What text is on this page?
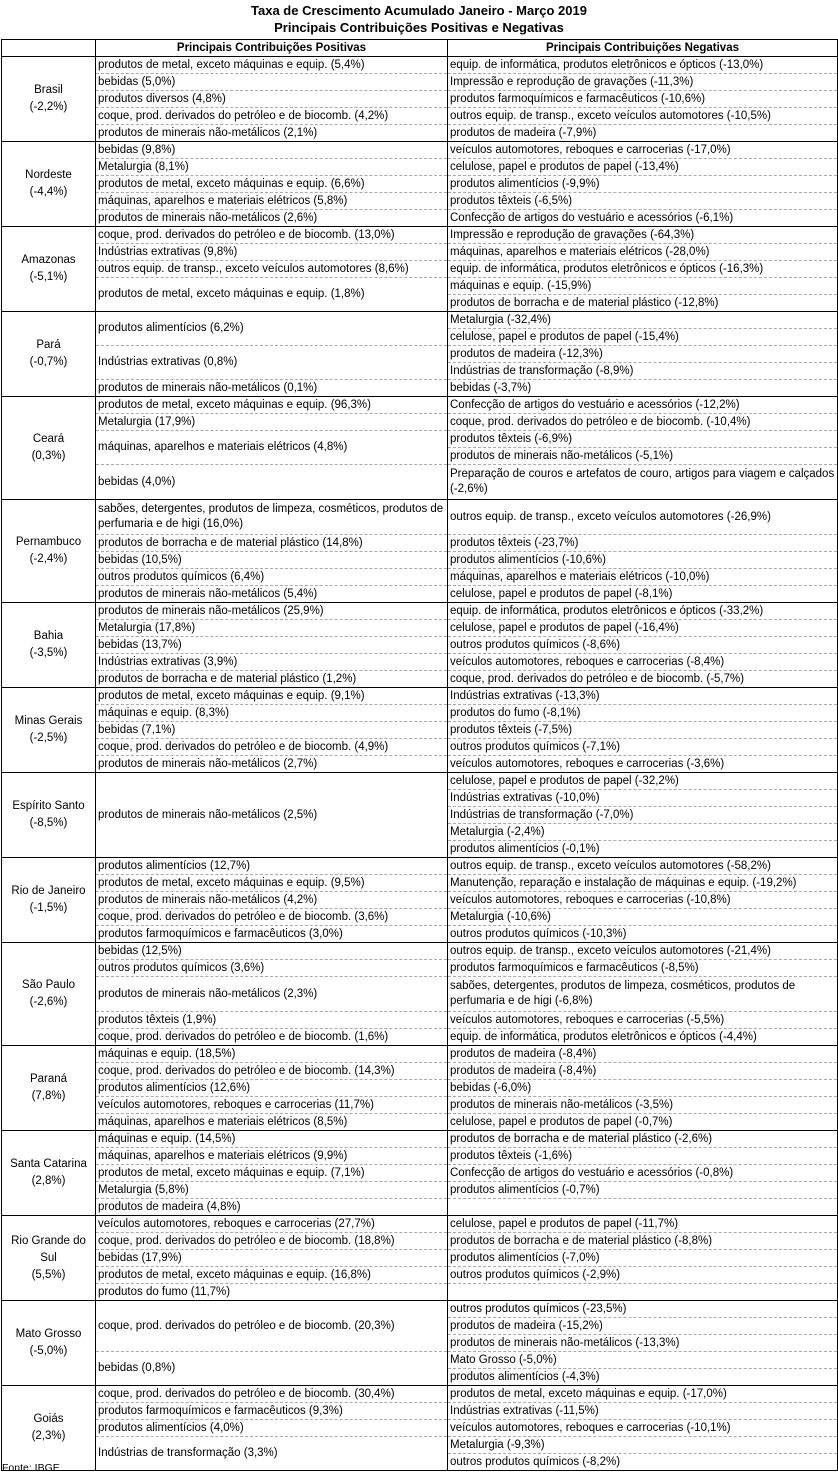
Taxa de Crescimento Acumulado Janeiro - Março 2019
Principais Contribuições Positivas e Negativas
	Principais Contribuições Positivas	Principais Contribuições Negativas

Brasil
(-2,2%)	produtos de metal, exceto máquinas e equip. (5,4%)	equip. de informática, produtos eletrônicos e ópticos (-13,0%)
	bebidas (5,0%)	Impressão e reprodução de gravações (-11,3%)
	produtos diversos (4,8%)	produtos farmoquímicos e farmacêuticos (-10,6%)
	coque, prod. derivados do petróleo e de biocomb. (4,2%)	outros equip. de transp., exceto veículos automotores (-10,5%)
	produtos de minerais não-metálicos (2,1%)	produtos de madeira (-7,9%)

Nordeste
(-4,4%)	bebidas (9,8%)	veículos automotores, reboques e carrocerias (-17,0%)
	Metalurgia (8,1%)	celulose, papel e produtos de papel (-13,4%)
	produtos de metal, exceto máquinas e equip. (6,6%)	produtos alimentícios (-9,9%)
	máquinas, aparelhos e materiais elétricos (5,8%)	produtos têxteis (-6,5%)
	produtos de minerais não-metálicos (2,6%)	Confecção de artigos do vestuário e acessórios (-6,1%)

Amazonas
(-5,1%)	coque, prod. derivados do petróleo e de biocomb. (13,0%)	Impressão e reprodução de gravações (-64,3%)
	Indústrias extrativas (9,8%)	máquinas, aparelhos e materiais elétricos (-28,0%)
	outros equip. de transp., exceto veículos automotores (8,6%)	equip. de informática, produtos eletrônicos e ópticos (-16,3%)
	produtos de metal, exceto máquinas e equip. (1,8%)	máquinas e equip. (-15,9%)
		produtos de borracha e de material plástico (-12,8%)

Pará
(-0,7%)	produtos alimentícios (6,2%)	Metalurgia (-32,4%)
		celulose, papel e produtos de papel (-15,4%)
	Indústrias extrativas (0,8%)	produtos de madeira (-12,3%)
		Indústrias de transformação (-8,9%)
	produtos de minerais não-metálicos (0,1%)	bebidas (-3,7%)

Ceará
(0,3%)	produtos de metal, exceto máquinas e equip. (96,3%)	Confecção de artigos do vestuário e acessórios (-12,2%)
	Metalurgia (17,9%)	coque, prod. derivados do petróleo e de biocomb. (-10,4%)
	máquinas, aparelhos e materiais elétricos (4,8%)	produtos têxteis (-6,9%)
		produtos de minerais não-metálicos (-5,1%)
	bebidas (4,0%)	Preparação de couros e artefatos de couro, artigos para viagem e calçados (-2,6%)

Pernambuco
(-2,4%)	sabões, detergentes, produtos de limpeza, cosméticos, produtos de perfumaria e de higi (16,0%)	outros equip. de transp., exceto veículos automotores (-26,9%)
	produtos de borracha e de material plástico (14,8%)	produtos têxteis (-23,7%)
	bebidas (10,5%)	produtos alimentícios (-10,6%)
	outros produtos químicos (6,4%)	máquinas, aparelhos e materiais elétricos (-10,0%)
	produtos de minerais não-metálicos (5,4%)	celulose, papel e produtos de papel (-8,1%)

Bahia
(-3,5%)	produtos de minerais não-metálicos (25,9%)	equip. de informática, produtos eletrônicos e ópticos (-33,2%)
	Metalurgia (17,8%)	celulose, papel e produtos de papel (-16,4%)
	bebidas (13,7%)	outros produtos químicos (-8,6%)
	Indústrias extrativas (3,9%)	veículos automotores, reboques e carrocerias (-8,4%)
	produtos de borracha e de material plástico (1,2%)	coque, prod. derivados do petróleo e de biocomb. (-5,7%)

Minas Gerais
(-2,5%)	produtos de metal, exceto máquinas e equip. (9,1%)	Indústrias extrativas (-13,3%)
	máquinas e equip. (8,3%)	produtos do fumo (-8,1%)
	bebidas (7,1%)	produtos têxteis (-7,5%)
	coque, prod. derivados do petróleo e de biocomb. (4,9%)	outros produtos químicos (-7,1%)
	produtos de minerais não-metálicos (2,7%)	veículos automotores, reboques e carrocerias (-3,6%)

Espírito Santo
(-8,5%)	produtos de minerais não-metálicos (2,5%)	celulose, papel e produtos de papel (-32,2%)
		Indústrias extrativas (-10,0%)
		Indústrias de transformação (-7,0%)
		Metalurgia (-2,4%)
		produtos alimentícios (-0,1%)

Rio de Janeiro
(-1,5%)	produtos alimentícios (12,7%)	outros equip. de transp., exceto veículos automotores (-58,2%)
	produtos de metal, exceto máquinas e equip. (9,5%)	Manutenção, reparação e instalação de máquinas e equip. (-19,2%)
	produtos de minerais não-metálicos (4,2%)	veículos automotores, reboques e carrocerias (-10,8%)
	coque, prod. derivados do petróleo e de biocomb. (3,6%)	Metalurgia (-10,6%)
	produtos farmoquímicos e farmacêuticos (3,0%)	outros produtos químicos (-10,3%)

São Paulo
(-2,6%)	bebidas (12,5%)	outros equip. de transp., exceto veículos automotores (-21,4%)
	outros produtos químicos (3,6%)	produtos farmoquímicos e farmacêuticos (-8,5%)
	produtos de minerais não-metálicos (2,3%)	sabões, detergentes, produtos de limpeza, cosméticos, produtos de perfumaria e de higi (-6,8%)
	produtos têxteis (1,9%)	veículos automotores, reboques e carrocerias (-5,5%)
	coque, prod. derivados do petróleo e de biocomb. (1,6%)	equip. de informática, produtos eletrônicos e ópticos (-4,4%)

Paraná
(7,8%)	máquinas e equip. (18,5%)	produtos de madeira (-8,4%)
	coque, prod. derivados do petróleo e de biocomb. (14,3%)	produtos de madeira (-8,4%)
	produtos alimentícios (12,6%)	bebidas (-6,0%)
	veículos automotores, reboques e carrocerias (11,7%)	produtos de minerais não-metálicos (-3,5%)
	máquinas, aparelhos e materiais elétricos (8,5%)	celulose, papel e produtos de papel (-0,7%)

Santa Catarina
(2,8%)	máquinas e equip. (14,5%)	produtos de borracha e de material plástico (-2,6%)
	máquinas, aparelhos e materiais elétricos (9,9%)	produtos têxteis (-1,6%)
	produtos de metal, exceto máquinas e equip. (7,1%)	Confecção de artigos do vestuário e acessórios (-0,8%)
	Metalurgia (5,8%)	produtos alimentícios (-0,7%)
	produtos de madeira (4,8%)	

Rio Grande do Sul
(5,5%)	veículos automotores, reboques e carrocerias (27,7%)	celulose, papel e produtos de papel (-11,7%)
	coque, prod. derivados do petróleo e de biocomb. (18,8%)	produtos de borracha e de material plástico (-8,8%)
	bebidas (17,9%)	produtos alimentícios (-7,0%)
	produtos de metal, exceto máquinas e equip. (16,8%)	outros produtos químicos (-2,9%)
	produtos do fumo (11,7%)	

Mato Grosso
(-5,0%)	coque, prod. derivados do petróleo e de biocomb. (20,3%)	outros produtos químicos (-23,5%)
		produtos de madeira (-15,2%)
		produtos de minerais não-metálicos (-13,3%)
	bebidas (0,8%)	Mato Grosso (-5,0%)
		produtos alimentícios (-4,3%)

Goiás
(2,3%)	coque, prod. derivados do petróleo e de biocomb. (30,4%)	produtos de metal, exceto máquinas e equip. (-17,0%)
	produtos farmoquímicos e farmacêuticos (9,3%)	Indústrias extrativas (-11,5%)
	produtos alimentícios (4,0%)	veículos automotores, reboques e carrocerias (-10,1%)
	Indústrias de transformação (3,3%)	Metalurgia (-9,3%)
		outros produtos químicos (-8,2%)
Fonte: IBGE
